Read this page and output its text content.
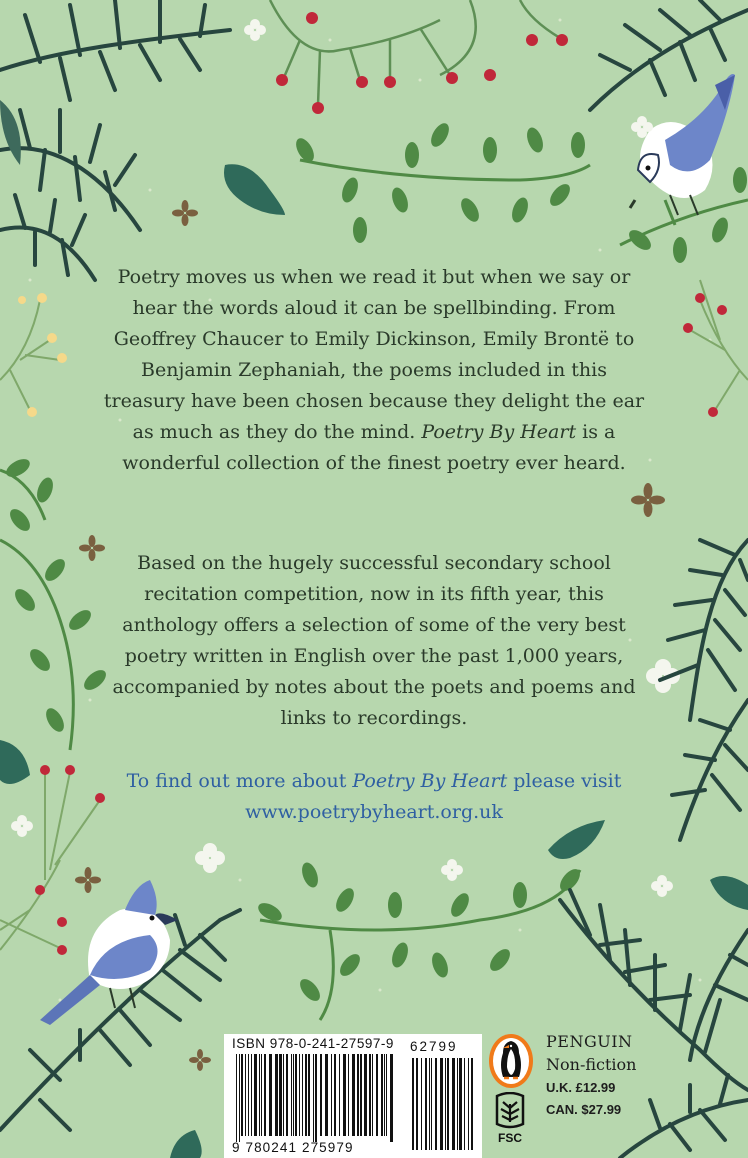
Poetry moves us when we read it but when we say or hear the words aloud it can be spellbinding. From Geoffrey Chaucer to Emily Dickinson, Emily Brontë to Benjamin Zephaniah, the poems included in this treasury have been chosen because they delight the ear as much as they do the mind. Poetry By Heart is a wonderful collection of the finest poetry ever heard.

Based on the hugely successful secondary school recitation competition, now in its fifth year, this anthology offers a selection of some of the very best poetry written in English over the past 1,000 years, accompanied by notes about the poets and poems and links to recordings.

To find out more about Poetry By Heart please visit
www.poetrybyheart.org.uk

ISBN 978-0-241-27597-9 62799
9 780241 275979
FSC
PENGUIN
Non-fiction
U.K. £12.99
CAN. $27.99
